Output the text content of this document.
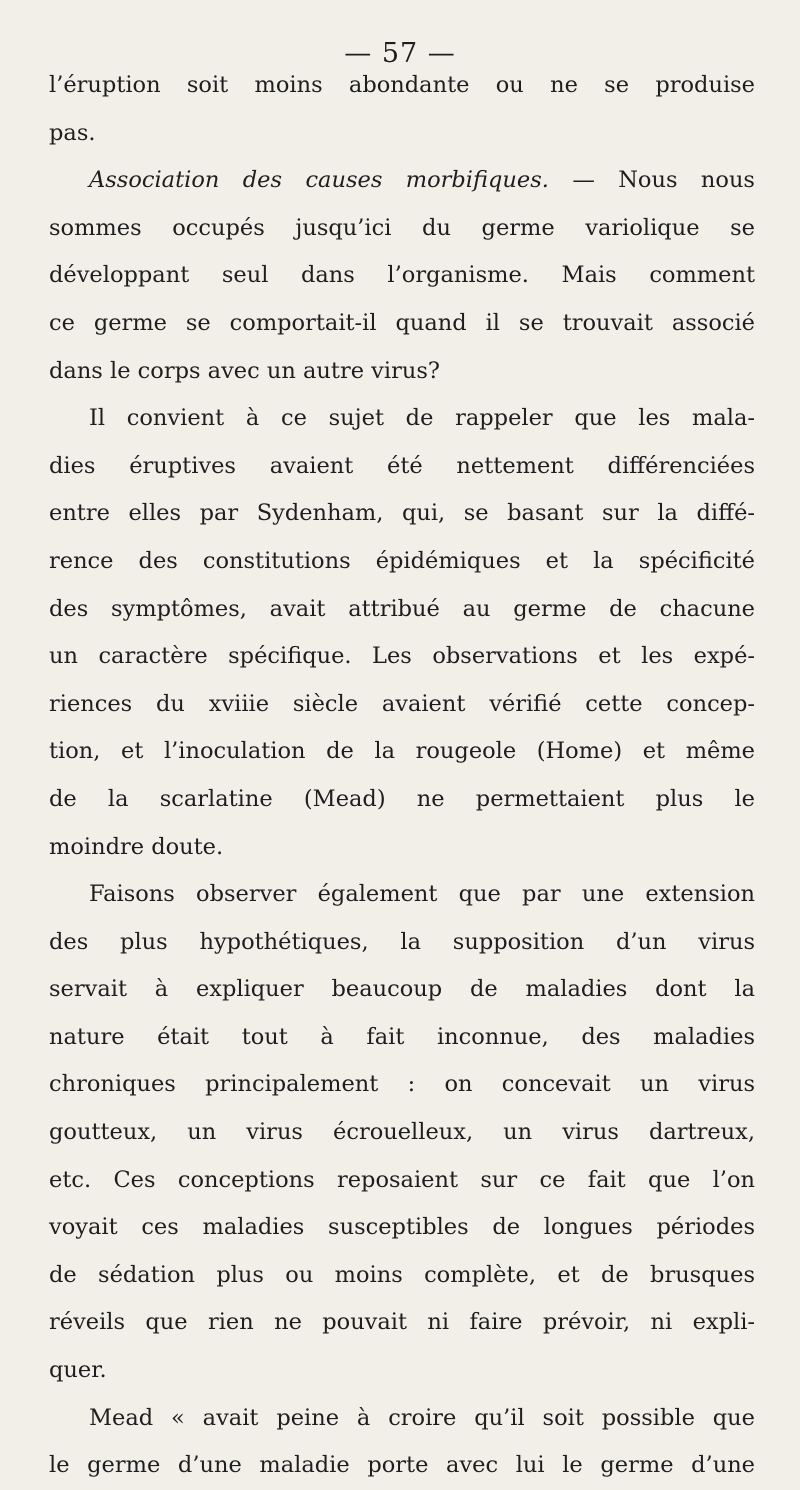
— 57 —
l’éruption soit moins abondante ou ne se produise
pas.
Association des causes morbifiques. — Nous nous
sommes occupés jusqu’ici du germe variolique se
développant seul dans l’organisme. Mais comment
ce germe se comportait-il quand il se trouvait associé
dans le corps avec un autre virus?
Il convient à ce sujet de rappeler que les mala-
dies éruptives avaient été nettement différenciées
entre elles par Sydenham, qui, se basant sur la diffé-
rence des constitutions épidémiques et la spécificité
des symptômes, avait attribué au germe de chacune
un caractère spécifique. Les observations et les expé-
riences du xviiie siècle avaient vérifié cette concep-
tion, et l’inoculation de la rougeole (Home) et même
de la scarlatine (Mead) ne permettaient plus le
moindre doute.
Faisons observer également que par une extension
des plus hypothétiques, la supposition d’un virus
servait à expliquer beaucoup de maladies dont la
nature était tout à fait inconnue, des maladies
chroniques principalement : on concevait un virus
goutteux, un virus écrouelleux, un virus dartreux,
etc. Ces conceptions reposaient sur ce fait que l’on
voyait ces maladies susceptibles de longues périodes
de sédation plus ou moins complète, et de brusques
réveils que rien ne pouvait ni faire prévoir, ni expli-
quer.
Mead « avait peine à croire qu’il soit possible que
le germe d’une maladie porte avec lui le germe d’une
